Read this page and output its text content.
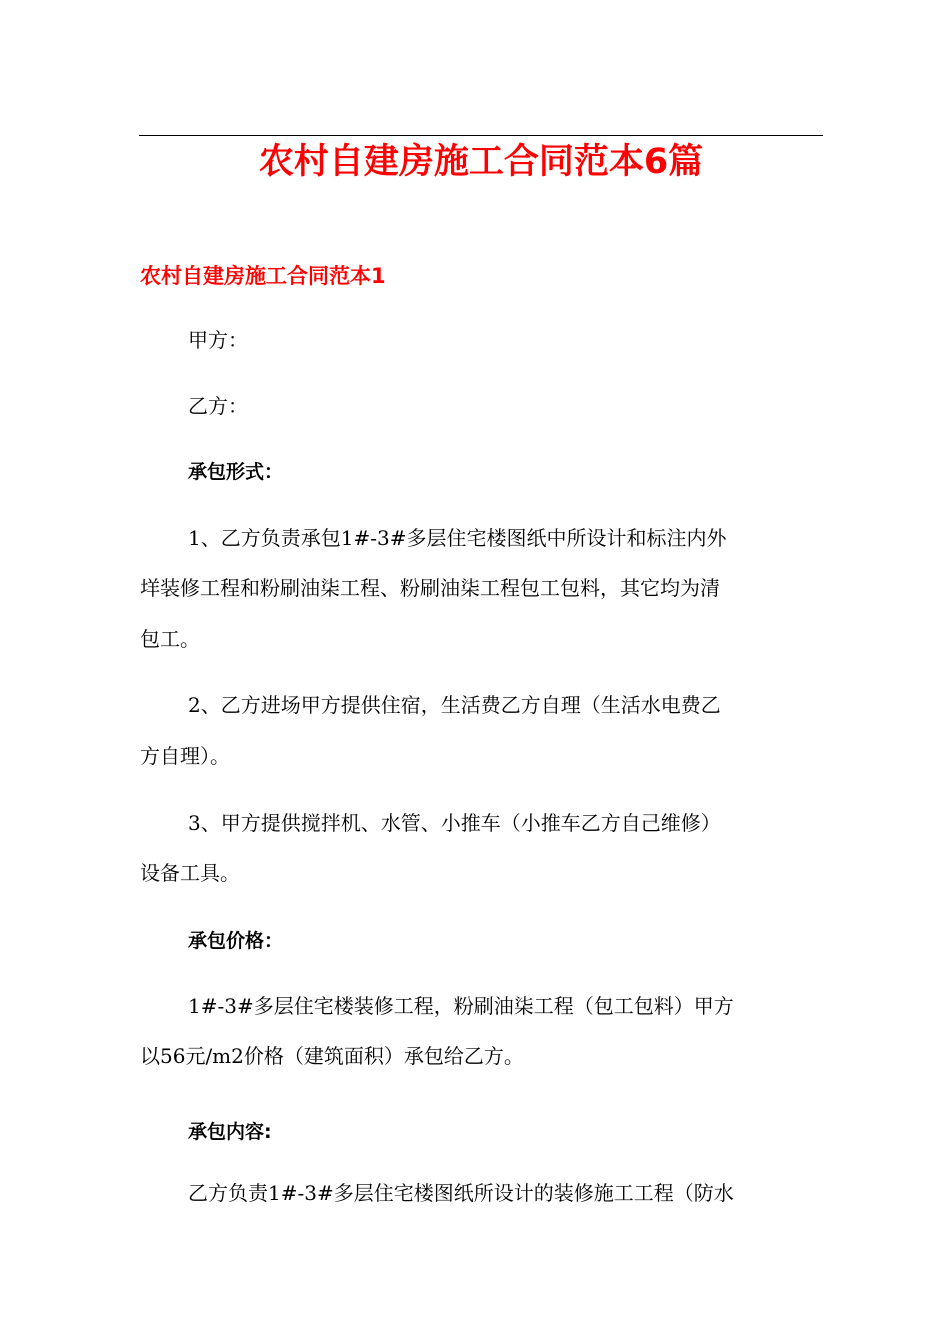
农村自建房施工合同范本6篇
农村自建房施工合同范本1

甲方：

乙方：

承包形式：

1、乙方负责承包1#-3#多层住宅楼图纸中所设计和标注内外

垟装修工程和粉刷油柒工程、粉刷油柒工程包工包料，其它均为清

包工。

2、乙方进场甲方提供住宿，生活费乙方自理（生活水电费乙

方自理）。

3、甲方提供搅拌机、水管、小推车（小推车乙方自己维修）

设备工具。

承包价格：

1#-3#多层住宅楼装修工程，粉刷油柒工程（包工包料）甲方

以56元/m2价格（建筑面积）承包给乙方。

承包内容:

乙方负责1#-3#多层住宅楼图纸所设计的装修施工工程（防水
